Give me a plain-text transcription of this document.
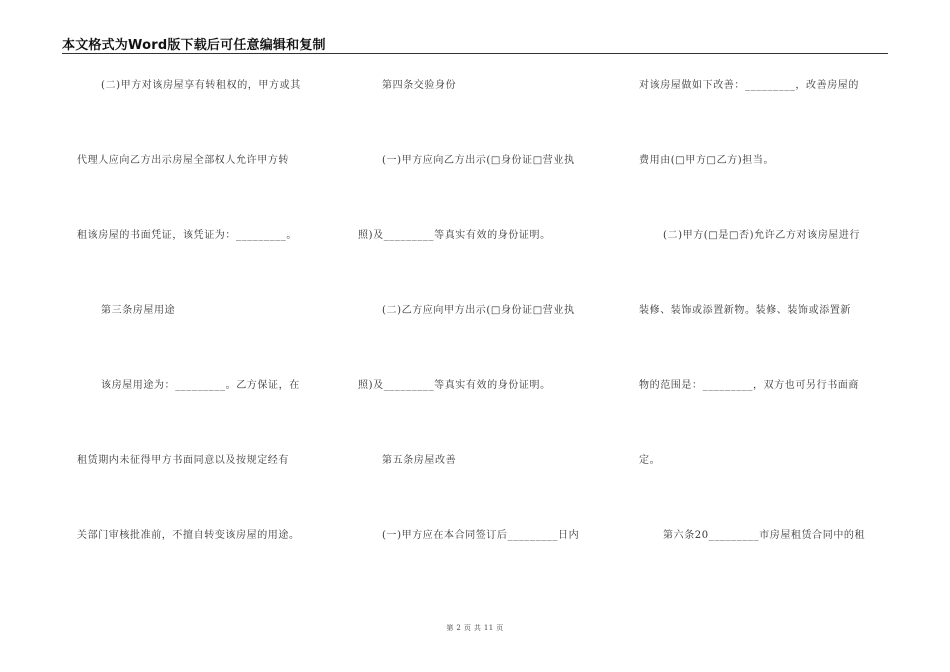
本文格式为Word版下载后可任意编辑和复制
(二)甲方对该房屋享有转租权的，甲方或其
代理人应向乙方出示房屋全部权人允许甲方转
租该房屋的书面凭证，该凭证为：_________。
第三条房屋用途
该房屋用途为：_________。乙方保证，在
租赁期内未征得甲方书面同意以及按规定经有
关部门审核批准前，不擅自转变该房屋的用途。
第四条交验身份
(一)甲方应向乙方出示(□身份证□营业执
照)及_________等真实有效的身份证明。
(二)乙方应向甲方出示(□身份证□营业执
照)及_________等真实有效的身份证明。
第五条房屋改善
(一)甲方应在本合同签订后_________日内
对该房屋做如下改善：_________，改善房屋的
费用由(□甲方□乙方)担当。
(二)甲方(□是□否)允许乙方对该房屋进行
装修、装饰或添置新物。装修、装饰或添置新
物的范围是：_________，双方也可另行书面商
定。
第六条20_________市房屋租赁合同中的租
第 2 页 共 11 页
